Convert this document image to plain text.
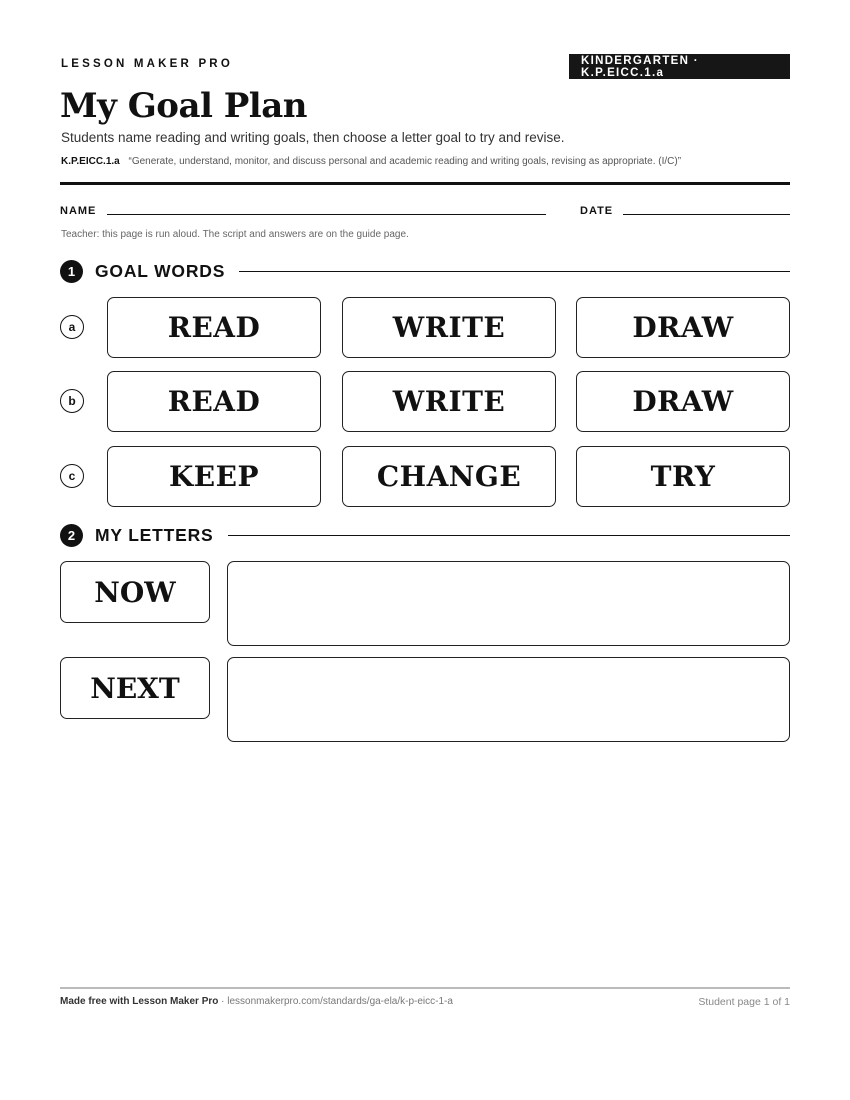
LESSON MAKER PRO	KINDERGARTEN · K.P.EICC.1.a
My Goal Plan
Students name reading and writing goals, then choose a letter goal to try and revise.
K.P.EICC.1.a “Generate, understand, monitor, and discuss personal and academic reading and writing goals, revising as appropriate. (I/C)”
NAME	DATE
Teacher: this page is run aloud. The script and answers are on the guide page.
1	GOAL WORDS
a	READ	WRITE	DRAW
b	READ	WRITE	DRAW
c	KEEP	CHANGE	TRY
2	MY LETTERS
NOW
NEXT
Made free with Lesson Maker Pro · lessonmakerpro.com/standards/ga-ela/k-p-eicc-1-a	Student page 1 of 1
